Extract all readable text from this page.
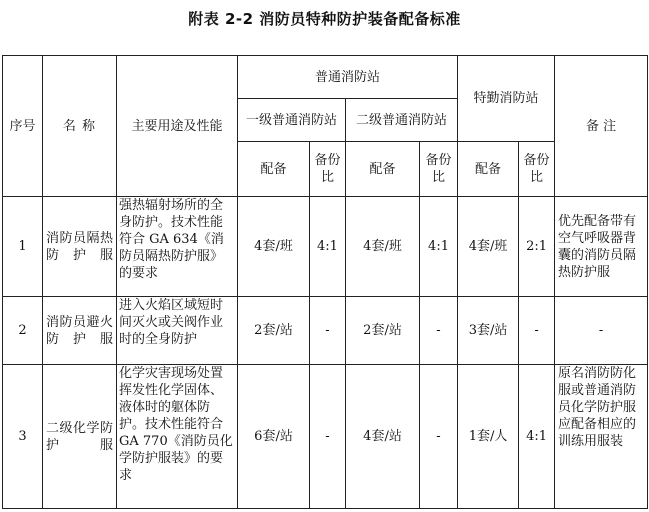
附表 2-2 消防员特种防护装备配备标准
序号	名 称	主要用途及性能	普通消防站				特勤消防站		备 注
			一级普通消防站		二级普通消防站				
			配备	备份比	配备	备份比	配备	备份比	
1	消防员隔热防护服	强热辐射场所的全身防护。技术性能符合 GA 634《消防员隔热防护服》的要求	4套/班	4:1	4套/班	4:1	4套/班	2:1	优先配备带有空气呼吸器背囊的消防员隔热防护服
2	消防员避火防护服	进入火焰区域短时间灭火或关阀作业时的全身防护	2套/站	-	2套/站	-	3套/站	-	-
3	二级化学防护服	化学灾害现场处置挥发性化学固体、液体时的躯体防护。技术性能符合 GA 770《消防员化学防护服装》的要求	6套/站	-	4套/站	-	1套/人	4:1	原名消防防化服或普通消防员化学防护服应配备相应的训练用服装
